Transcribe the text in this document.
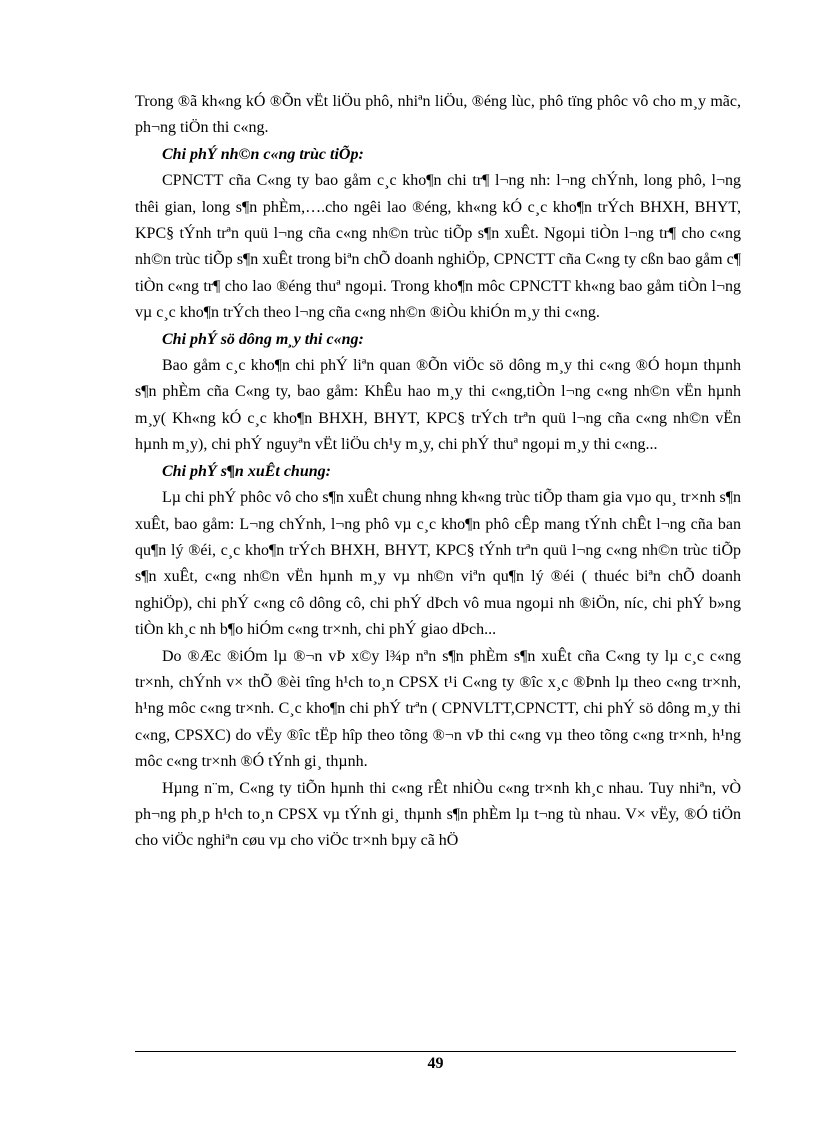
Trong ®ã kh«ng kÓ ®Õn vËt liÖu phô, nhiªn liÖu, ®éng lùc, phô tïng phôc vô cho m¸y mãc, ph¬ng tiÖn thi c«ng.

Chi phÝ nh©n c«ng trùc tiÕp:

CPNCTT cña C«ng ty bao gåm c¸c kho¶n chi tr¶ l¬ng nh: l¬ng chÝnh, long phô, l¬ng thêi gian, long s¶n phÈm,….cho ngêi lao ®éng, kh«ng kÓ c¸c kho¶n trÝch BHXH, BHYT, KPC§ tÝnh trªn quü l¬ng cña c«ng nh©n trùc tiÕp s¶n xuÊt. Ngoµi tiÒn l¬ng tr¶ cho c«ng nh©n trùc tiÕp s¶n xuÊt trong biªn chÕ doanh nghiÖp, CPNCTT cña C«ng ty cßn bao gåm c¶ tiÒn c«ng tr¶ cho lao ®éng thuª ngoµi. Trong kho¶n môc CPNCTT kh«ng bao gåm tiÒn l¬ng vµ c¸c kho¶n trÝch theo l¬ng cña c«ng nh©n ®iÒu khiÓn m¸y thi c«ng.

Chi phÝ sö dông m¸y thi c«ng:

Bao gåm c¸c kho¶n chi phÝ liªn quan ®Õn viÖc sö dông m¸y thi c«ng ®Ó hoµn thµnh s¶n phÈm cña C«ng ty, bao gåm: KhÊu hao m¸y thi c«ng,tiÒn l¬ng c«ng nh©n vËn hµnh m¸y( Kh«ng kÓ c¸c kho¶n BHXH, BHYT, KPC§ trÝch trªn quü l¬ng cña c«ng nh©n vËn hµnh m¸y), chi phÝ nguyªn vËt liÖu ch¹y m¸y, chi phÝ thuª ngoµi m¸y thi c«ng...

Chi phÝ s¶n xuÊt chung:

Lµ chi phÝ phôc vô cho s¶n xuÊt chung nhng kh«ng trùc tiÕp tham gia vµo qu¸ tr×nh s¶n xuÊt, bao gåm: L¬ng chÝnh, l¬ng phô vµ c¸c kho¶n phô cÊp mang tÝnh chÊt l¬ng cña ban qu¶n lý ®éi, c¸c kho¶n trÝch BHXH, BHYT, KPC§ tÝnh trªn quü l¬ng c«ng nh©n trùc tiÕp s¶n xuÊt, c«ng nh©n vËn hµnh m¸y vµ nh©n viªn qu¶n lý ®éi ( thuéc biªn chÕ doanh nghiÖp), chi phÝ c«ng cô dông cô, chi phÝ dÞch vô mua ngoµi nh ®iÖn, níc, chi phÝ b»ng tiÒn kh¸c nh b¶o hiÓm c«ng tr×nh, chi phÝ giao dÞch...

Do ®Æc ®iÓm lµ ®¬n vÞ x©y l¾p nªn s¶n phÈm s¶n xuÊt cña C«ng ty lµ c¸c c«ng tr×nh, chÝnh v× thÕ ®èi tîng h¹ch to¸n CPSX t¹i C«ng ty ®îc x¸c ®Þnh lµ theo c«ng tr×nh, h¹ng môc c«ng tr×nh. C¸c kho¶n chi phÝ trªn ( CPNVLTT,CPNCTT, chi phÝ sö dông m¸y thi c«ng, CPSXC) do vËy ®îc tËp hîp theo tõng ®¬n vÞ thi c«ng vµ theo tõng c«ng tr×nh, h¹ng môc c«ng tr×nh ®Ó tÝnh gi¸ thµnh.

Hµng n¨m, C«ng ty tiÕn hµnh thi c«ng rÊt nhiÒu c«ng tr×nh kh¸c nhau. Tuy nhiªn, vÒ ph¬ng ph¸p h¹ch to¸n CPSX vµ tÝnh gi¸ thµnh s¶n phÈm lµ t¬ng tù nhau. V× vËy, ®Ó tiÖn cho viÖc nghiªn cøu vµ cho viÖc tr×nh bµy cã hÖ

49
